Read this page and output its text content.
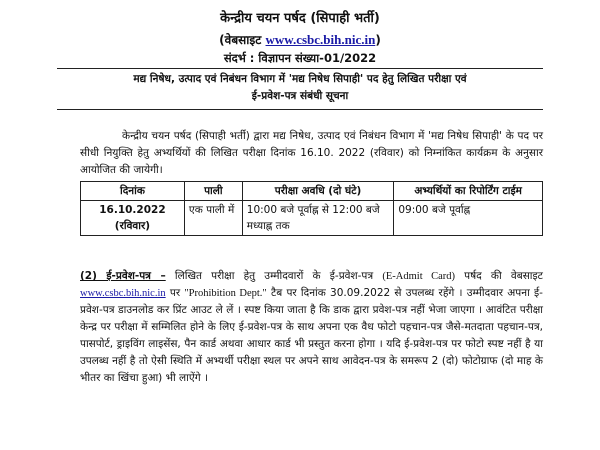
केन्द्रीय चयन पर्षद (सिपाही भर्ती)
(वेबसाइट www.csbc.bih.nic.in)
संदर्भ : विज्ञापन संख्या-01/2022
मद्य निषेध, उत्पाद एवं निबंधन विभाग में 'मद्य निषेध सिपाही' पद हेतु लिखित परीक्षा एवं
ई-प्रवेश-पत्र संबंधी सूचना
केन्द्रीय चयन पर्षद (सिपाही भर्ती) द्वारा मद्य निषेध, उत्पाद एवं निबंधन विभाग में 'मद्य निषेध सिपाही' के पद पर सीधी नियुक्ति हेतु अभ्यर्थियों की लिखित परीक्षा दिनांक 16.10. 2022 (रविवार) को निम्नांकित कार्यक्रम के अनुसार आयोजित की जायेगी।
दिनांक	पाली	परीक्षा अवधि (दो घंटे)	अभ्यर्थियों का रिपोर्टिंग टाईम

16.10.2022
(रविवार)	एक पाली में	10:00 बजे पूर्वाह्न से 12:00 बजे मध्याह्न तक	09:00 बजे पूर्वाह्न
(2) ई-प्रवेश-पत्र – लिखित परीक्षा हेतु उम्मीदवारों के ई-प्रवेश-पत्र (E-Admit Card) पर्षद की वेबसाइट www.csbc.bih.nic.in पर "Prohibition Dept." टैब पर दिनांक 30.09.2022 से उपलब्ध रहेंगे । उम्मीदवार अपना ई-प्रवेश-पत्र डाउनलोड कर प्रिंट आउट ले लें । स्पष्ट किया जाता है कि डाक द्वारा प्रवेश-पत्र नहीं भेजा जाएगा । आवंटित परीक्षा केन्द्र पर परीक्षा में सम्मिलित होने के लिए ई-प्रवेश-पत्र के साथ अपना एक वैध फोटो पहचान-पत्र जैसे-मतदाता पहचान-पत्र, पासपोर्ट, ड्राइविंग लाइसेंस, पैन कार्ड अथवा आधार कार्ड भी प्रस्तुत करना होगा । यदि ई-प्रवेश-पत्र पर फोटो स्पष्ट नहीं है या उपलब्ध नहीं है तो ऐसी स्थिति में अभ्यर्थी परीक्षा स्थल पर अपने साथ आवेदन-पत्र के समरूप 2 (दो) फोटोग्राफ (दो माह के भीतर का खिंचा हुआ) भी लाऐंगे ।
